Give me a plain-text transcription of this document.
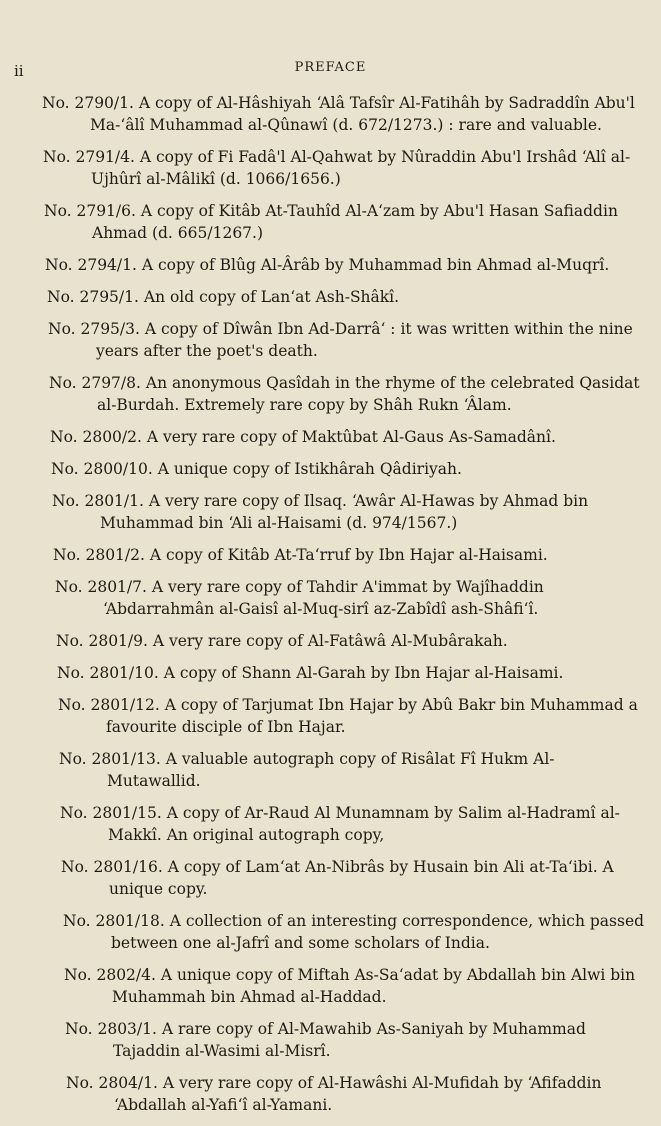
ii	PREFACE
No. 2790/1. A copy of Al-Hâshiyah ‘Alâ Tafsîr Al-Fatihâh by Sadraddîn Abu'l Ma-‘âlî Muhammad al-Qûnawî (d. 672/1273.) : rare and valuable.
No. 2791/4. A copy of Fi Fadâ'l Al-Qahwat by Nûraddin Abu'l Irshâd ‘Alî al-Ujhûrî al-Mâlikî (d. 1066/1656.)
No. 2791/6. A copy of Kitâb At-Tauhîd Al-A‘zam by Abu'l Hasan Safiaddin Ahmad (d. 665/1267.)
No. 2794/1. A copy of Blûg Al-Ârâb by Muhammad bin Ahmad al-Muqrî.
No. 2795/1. An old copy of Lan‘at Ash-Shâkî.
No. 2795/3. A copy of Dîwân Ibn Ad-Darrâ‘ : it was written within the nine years after the poet's death.
No. 2797/8. An anonymous Qasîdah in the rhyme of the celebrated Qasidat al-Burdah. Extremely rare copy by Shâh Rukn ‘Âlam.
No. 2800/2. A very rare copy of Maktûbat Al-Gaus As-Samadânî.
No. 2800/10. A unique copy of Istikhârah Qâdiriyah.
No. 2801/1. A very rare copy of Ilsaq. ‘Awâr Al-Hawas by Ahmad bin Muhammad bin ‘Ali al-Haisami (d. 974/1567.)
No. 2801/2. A copy of Kitâb At-Ta‘rruf by Ibn Hajar al-Haisami.
No. 2801/7. A very rare copy of Tahdir A'immat by Wajîhaddin ‘Abdarrahmân al-Gaisî al-Muq-sirî az-Zabîdî ash-Shâfi‘î.
No. 2801/9. A very rare copy of Al-Fatâwâ Al-Mubârakah.
No. 2801/10. A copy of Shann Al-Garah by Ibn Hajar al-Haisami.
No. 2801/12. A copy of Tarjumat Ibn Hajar by Abû Bakr bin Muhammad a favourite disciple of Ibn Hajar.
No. 2801/13. A valuable autograph copy of Risâlat Fî Hukm Al-Mutawallid.
No. 2801/15. A copy of Ar-Raud Al Munamnam by Salim al-Hadramî al-Makkî. An original autograph copy,
No. 2801/16. A copy of Lam‘at An-Nibrâs by Husain bin Ali at-Ta‘ibi. A unique copy.
No. 2801/18. A collection of an interesting correspondence, which passed between one al-Jafrî and some scholars of India.
No. 2802/4. A unique copy of Miftah As-Sa‘adat by Abdallah bin Alwi bin Muhammah bin Ahmad al-Haddad.
No. 2803/1. A rare copy of Al-Mawahib As-Saniyah by Muhammad Tajaddin al-Wasimi al-Misrî.
No. 2804/1. A very rare copy of Al-Hawâshi Al-Mufidah by ‘Afifaddin ‘Abdallah al-Yafi‘î al-Yamani.
